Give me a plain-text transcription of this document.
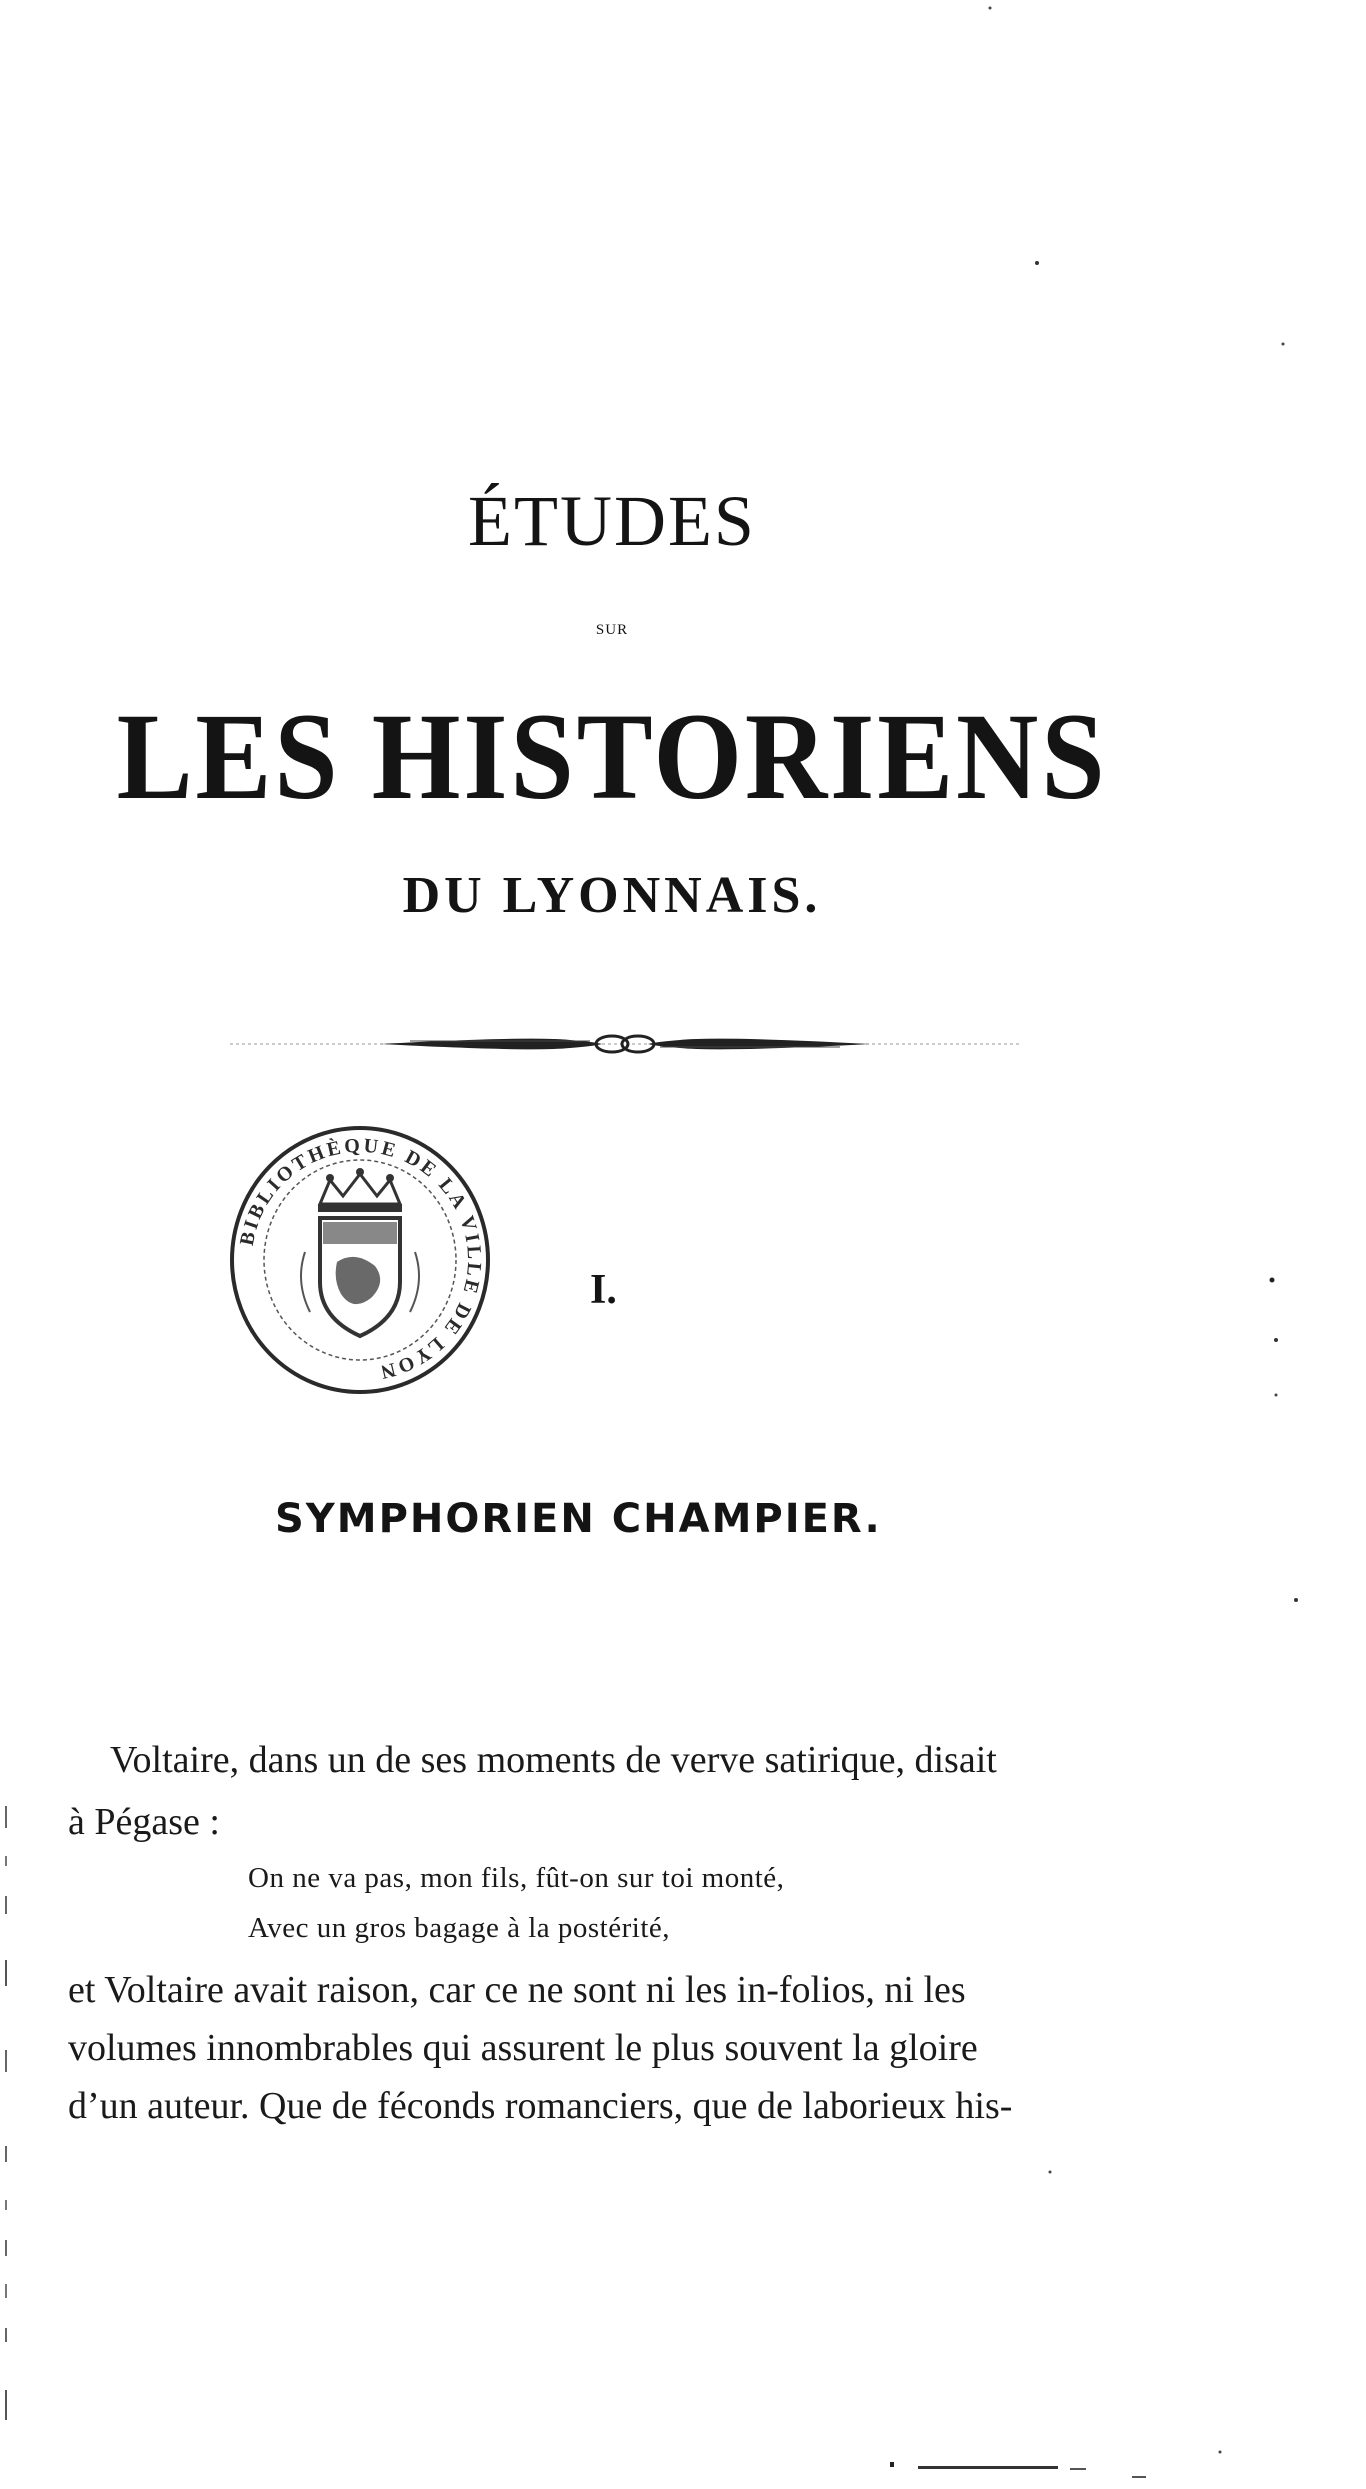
ÉTUDES
SUR
LES HISTORIENS
DU LYONNAIS.
BIBLIOTHÈQUE DE LA VILLE DE LYON
I.
SYMPHORIEN CHAMPIER.
Voltaire, dans un de ses moments de verve satirique, disait
à Pégase :
On ne va pas, mon fils, fût-on sur toi monté,
Avec un gros bagage à la postérité,
et Voltaire avait raison, car ce ne sont ni les in-folios, ni les
volumes innombrables qui assurent le plus souvent la gloire
d’un auteur. Que de féconds romanciers, que de laborieux his-
